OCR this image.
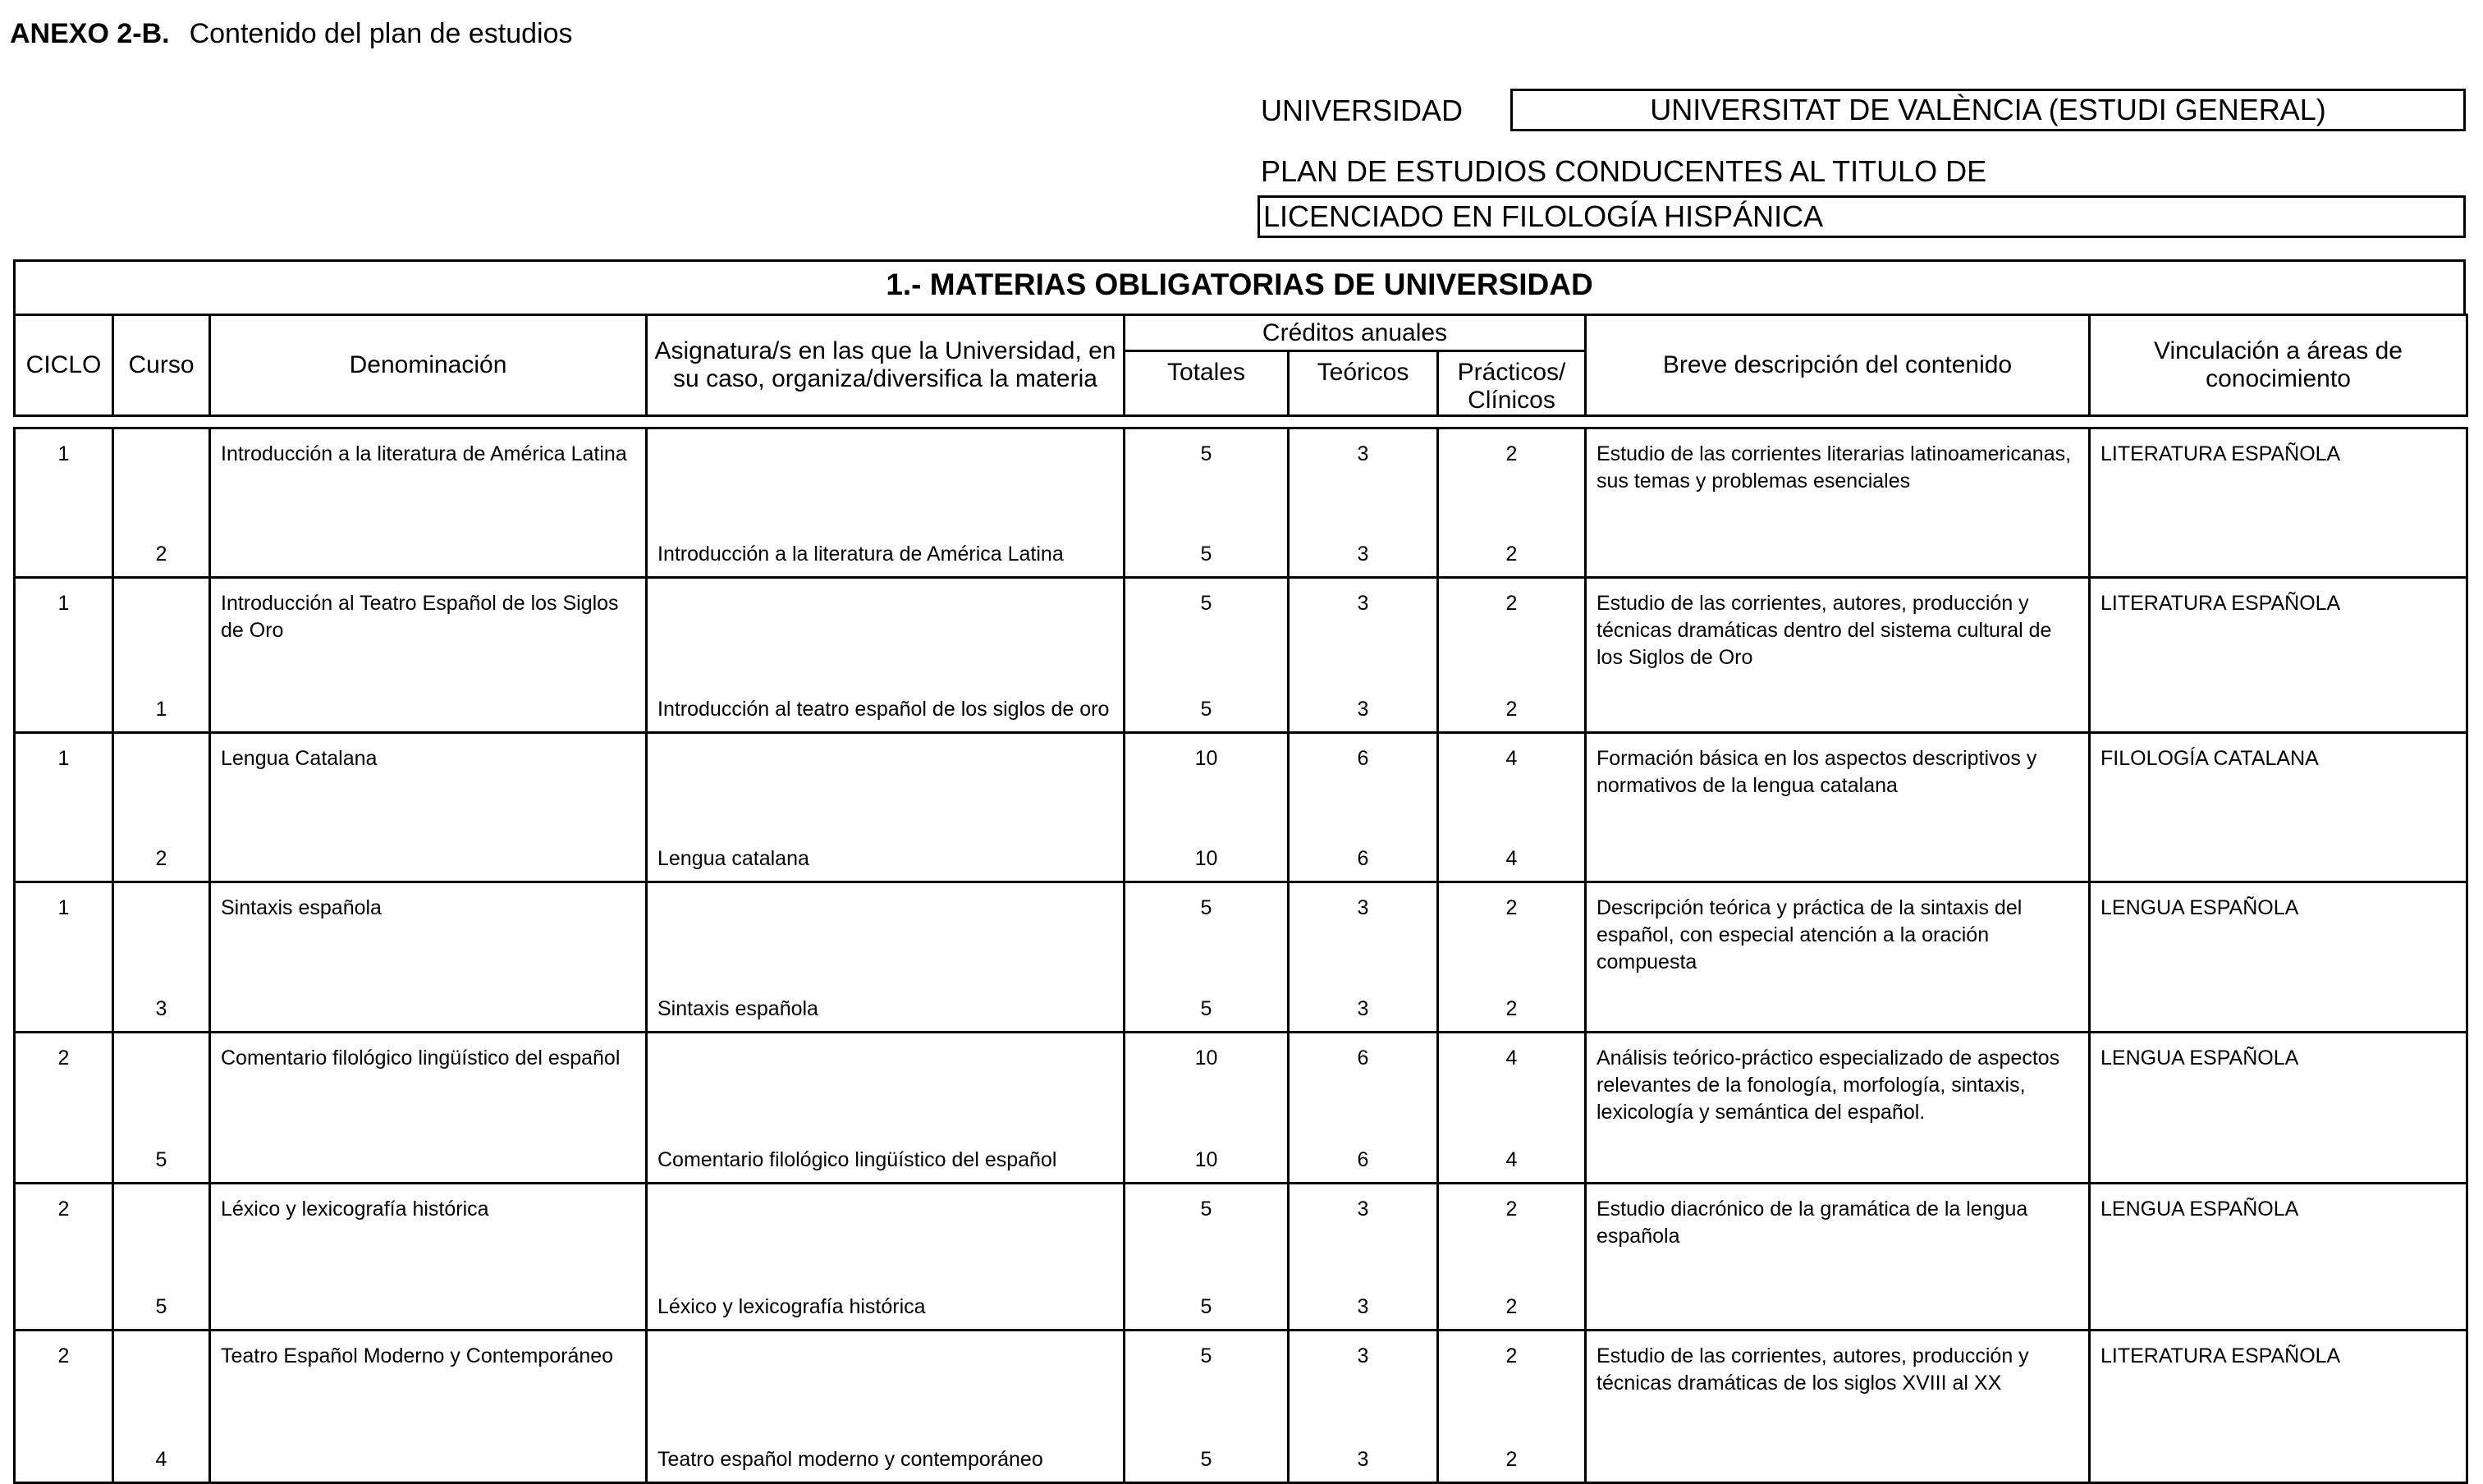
ANEXO 2-B. Contenido del plan de estudios
UNIVERSIDAD	UNIVERSITAT DE VALÈNCIA (ESTUDI GENERAL)
PLAN DE ESTUDIOS CONDUCENTES AL TITULO DE
LICENCIADO EN FILOLOGÍA HISPÁNICA
1.- MATERIAS OBLIGATORIAS DE UNIVERSIDAD
CICLO	Curso	Denominación	Asignatura/s en las que la Universidad, en su caso, organiza/diversifica la materia	Créditos anuales			Breve descripción del contenido	Vinculación a áreas de conocimiento
				Totales	Teóricos	Prácticos/ Clínicos		
1		Introducción a la literatura de América Latina		5	3	2	Estudio de las corrientes literarias latinoamericanas, sus temas y problemas esenciales	LITERATURA ESPAÑOLA

	2		Introducción a la literatura de América Latina	5	3	2		

1		Introducción al Teatro Español de los Siglos de Oro		5	3	2	Estudio de las corrientes, autores, producción y técnicas dramáticas dentro del sistema cultural de los Siglos de Oro	LITERATURA ESPAÑOLA

	1		Introducción al teatro español de los siglos de oro	5	3	2		

1		Lengua Catalana		10	6	4	Formación básica en los aspectos descriptivos y normativos de la lengua catalana	FILOLOGÍA CATALANA

	2		Lengua catalana	10	6	4		

1		Sintaxis española		5	3	2	Descripción teórica y práctica de la sintaxis del español, con especial atención a la oración compuesta	LENGUA ESPAÑOLA

	3		Sintaxis española	5	3	2		

2		Comentario filológico lingüístico del español		10	6	4	Análisis teórico-práctico especializado de aspectos relevantes de la fonología, morfología, sintaxis, lexicología y semántica del español.	LENGUA ESPAÑOLA

	5		Comentario filológico lingüístico del español	10	6	4		

2		Léxico y lexicografía histórica		5	3	2	Estudio diacrónico de la gramática de la lengua española	LENGUA ESPAÑOLA

	5		Léxico y lexicografía histórica	5	3	2		

2		Teatro Español Moderno y Contemporáneo		5	3	2	Estudio de las corrientes, autores, producción y técnicas dramáticas de los siglos XVIII al XX	LITERATURA ESPAÑOLA

	4		Teatro español moderno y contemporáneo	5	3	2		
